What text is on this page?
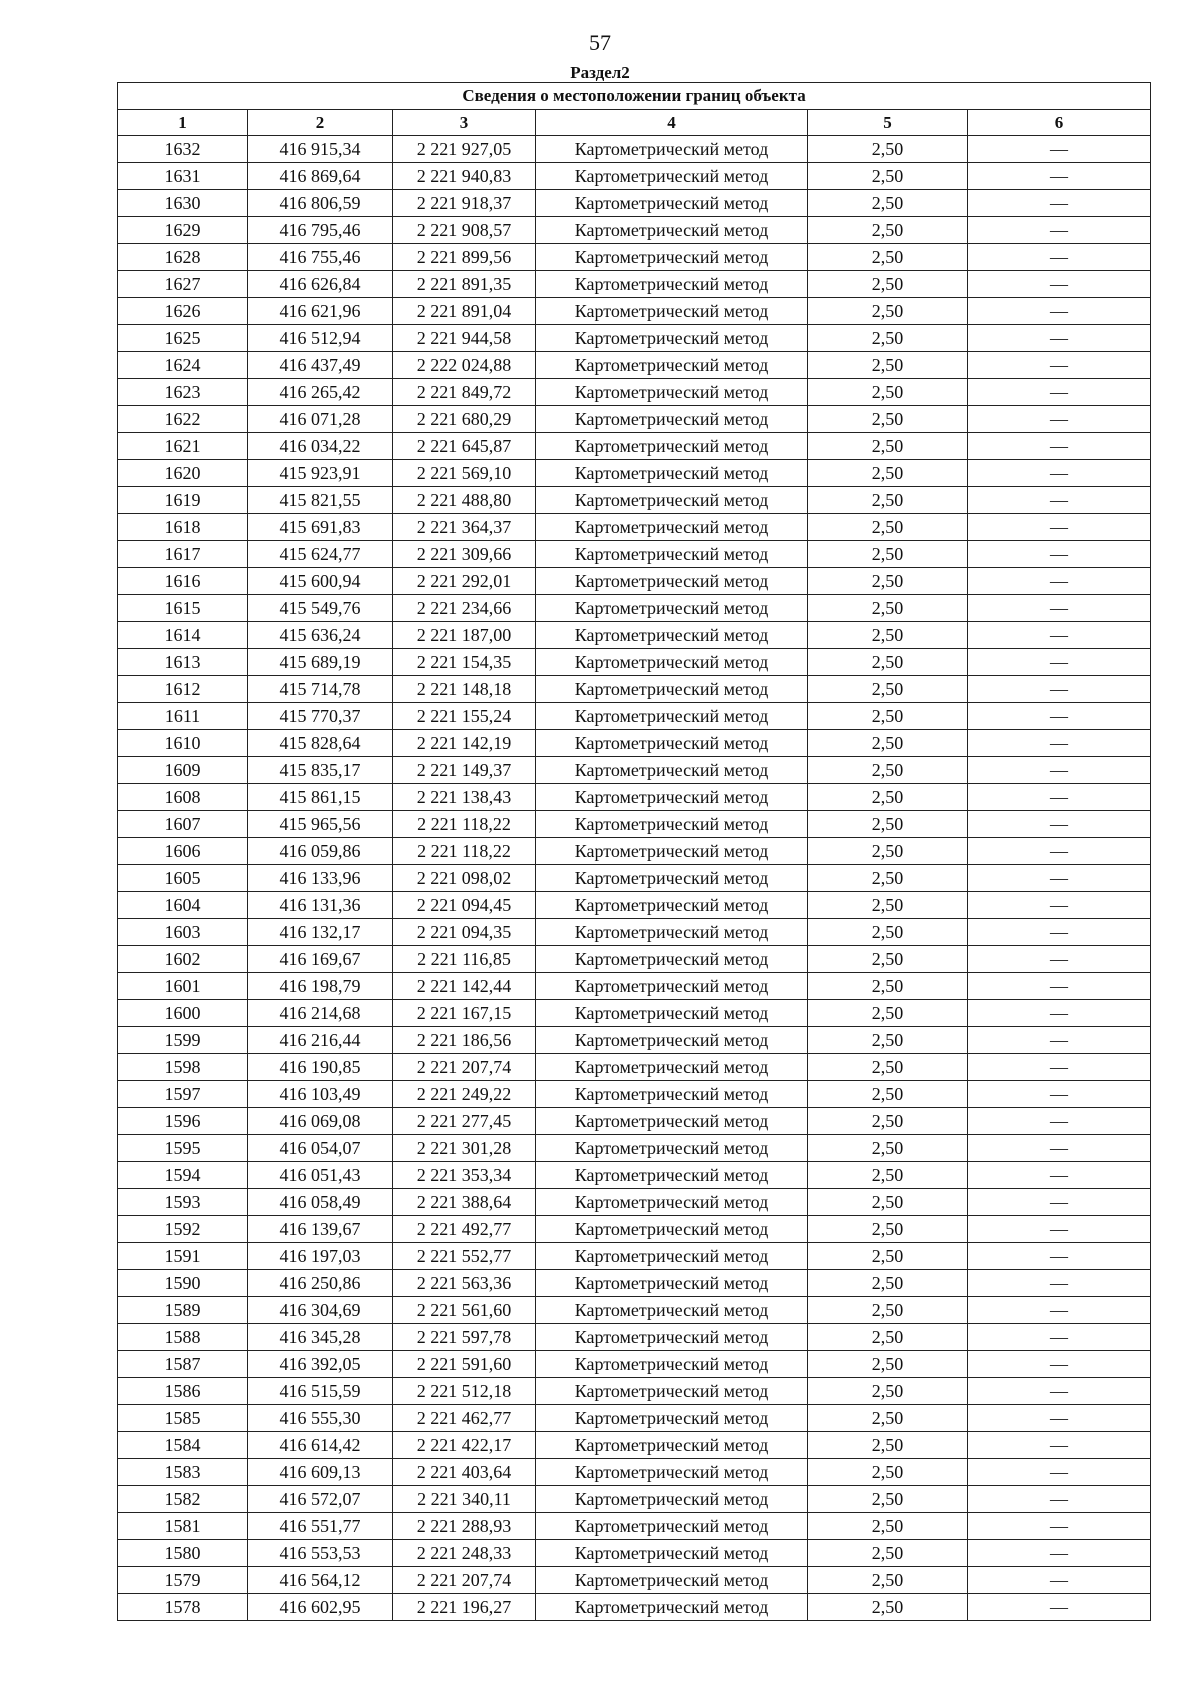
57
Раздел2
Сведения о местоположении границ объекта					
1	2	3	4	5	6
1632	416 915,34	2 221 927,05	Картометрический метод	2,50	—
1631	416 869,64	2 221 940,83	Картометрический метод	2,50	—
1630	416 806,59	2 221 918,37	Картометрический метод	2,50	—
1629	416 795,46	2 221 908,57	Картометрический метод	2,50	—
1628	416 755,46	2 221 899,56	Картометрический метод	2,50	—
1627	416 626,84	2 221 891,35	Картометрический метод	2,50	—
1626	416 621,96	2 221 891,04	Картометрический метод	2,50	—
1625	416 512,94	2 221 944,58	Картометрический метод	2,50	—
1624	416 437,49	2 222 024,88	Картометрический метод	2,50	—
1623	416 265,42	2 221 849,72	Картометрический метод	2,50	—
1622	416 071,28	2 221 680,29	Картометрический метод	2,50	—
1621	416 034,22	2 221 645,87	Картометрический метод	2,50	—
1620	415 923,91	2 221 569,10	Картометрический метод	2,50	—
1619	415 821,55	2 221 488,80	Картометрический метод	2,50	—
1618	415 691,83	2 221 364,37	Картометрический метод	2,50	—
1617	415 624,77	2 221 309,66	Картометрический метод	2,50	—
1616	415 600,94	2 221 292,01	Картометрический метод	2,50	—
1615	415 549,76	2 221 234,66	Картометрический метод	2,50	—
1614	415 636,24	2 221 187,00	Картометрический метод	2,50	—
1613	415 689,19	2 221 154,35	Картометрический метод	2,50	—
1612	415 714,78	2 221 148,18	Картометрический метод	2,50	—
1611	415 770,37	2 221 155,24	Картометрический метод	2,50	—
1610	415 828,64	2 221 142,19	Картометрический метод	2,50	—
1609	415 835,17	2 221 149,37	Картометрический метод	2,50	—
1608	415 861,15	2 221 138,43	Картометрический метод	2,50	—
1607	415 965,56	2 221 118,22	Картометрический метод	2,50	—
1606	416 059,86	2 221 118,22	Картометрический метод	2,50	—
1605	416 133,96	2 221 098,02	Картометрический метод	2,50	—
1604	416 131,36	2 221 094,45	Картометрический метод	2,50	—
1603	416 132,17	2 221 094,35	Картометрический метод	2,50	—
1602	416 169,67	2 221 116,85	Картометрический метод	2,50	—
1601	416 198,79	2 221 142,44	Картометрический метод	2,50	—
1600	416 214,68	2 221 167,15	Картометрический метод	2,50	—
1599	416 216,44	2 221 186,56	Картометрический метод	2,50	—
1598	416 190,85	2 221 207,74	Картометрический метод	2,50	—
1597	416 103,49	2 221 249,22	Картометрический метод	2,50	—
1596	416 069,08	2 221 277,45	Картометрический метод	2,50	—
1595	416 054,07	2 221 301,28	Картометрический метод	2,50	—
1594	416 051,43	2 221 353,34	Картометрический метод	2,50	—
1593	416 058,49	2 221 388,64	Картометрический метод	2,50	—
1592	416 139,67	2 221 492,77	Картометрический метод	2,50	—
1591	416 197,03	2 221 552,77	Картометрический метод	2,50	—
1590	416 250,86	2 221 563,36	Картометрический метод	2,50	—
1589	416 304,69	2 221 561,60	Картометрический метод	2,50	—
1588	416 345,28	2 221 597,78	Картометрический метод	2,50	—
1587	416 392,05	2 221 591,60	Картометрический метод	2,50	—
1586	416 515,59	2 221 512,18	Картометрический метод	2,50	—
1585	416 555,30	2 221 462,77	Картометрический метод	2,50	—
1584	416 614,42	2 221 422,17	Картометрический метод	2,50	—
1583	416 609,13	2 221 403,64	Картометрический метод	2,50	—
1582	416 572,07	2 221 340,11	Картометрический метод	2,50	—
1581	416 551,77	2 221 288,93	Картометрический метод	2,50	—
1580	416 553,53	2 221 248,33	Картометрический метод	2,50	—
1579	416 564,12	2 221 207,74	Картометрический метод	2,50	—
1578	416 602,95	2 221 196,27	Картометрический метод	2,50	—
